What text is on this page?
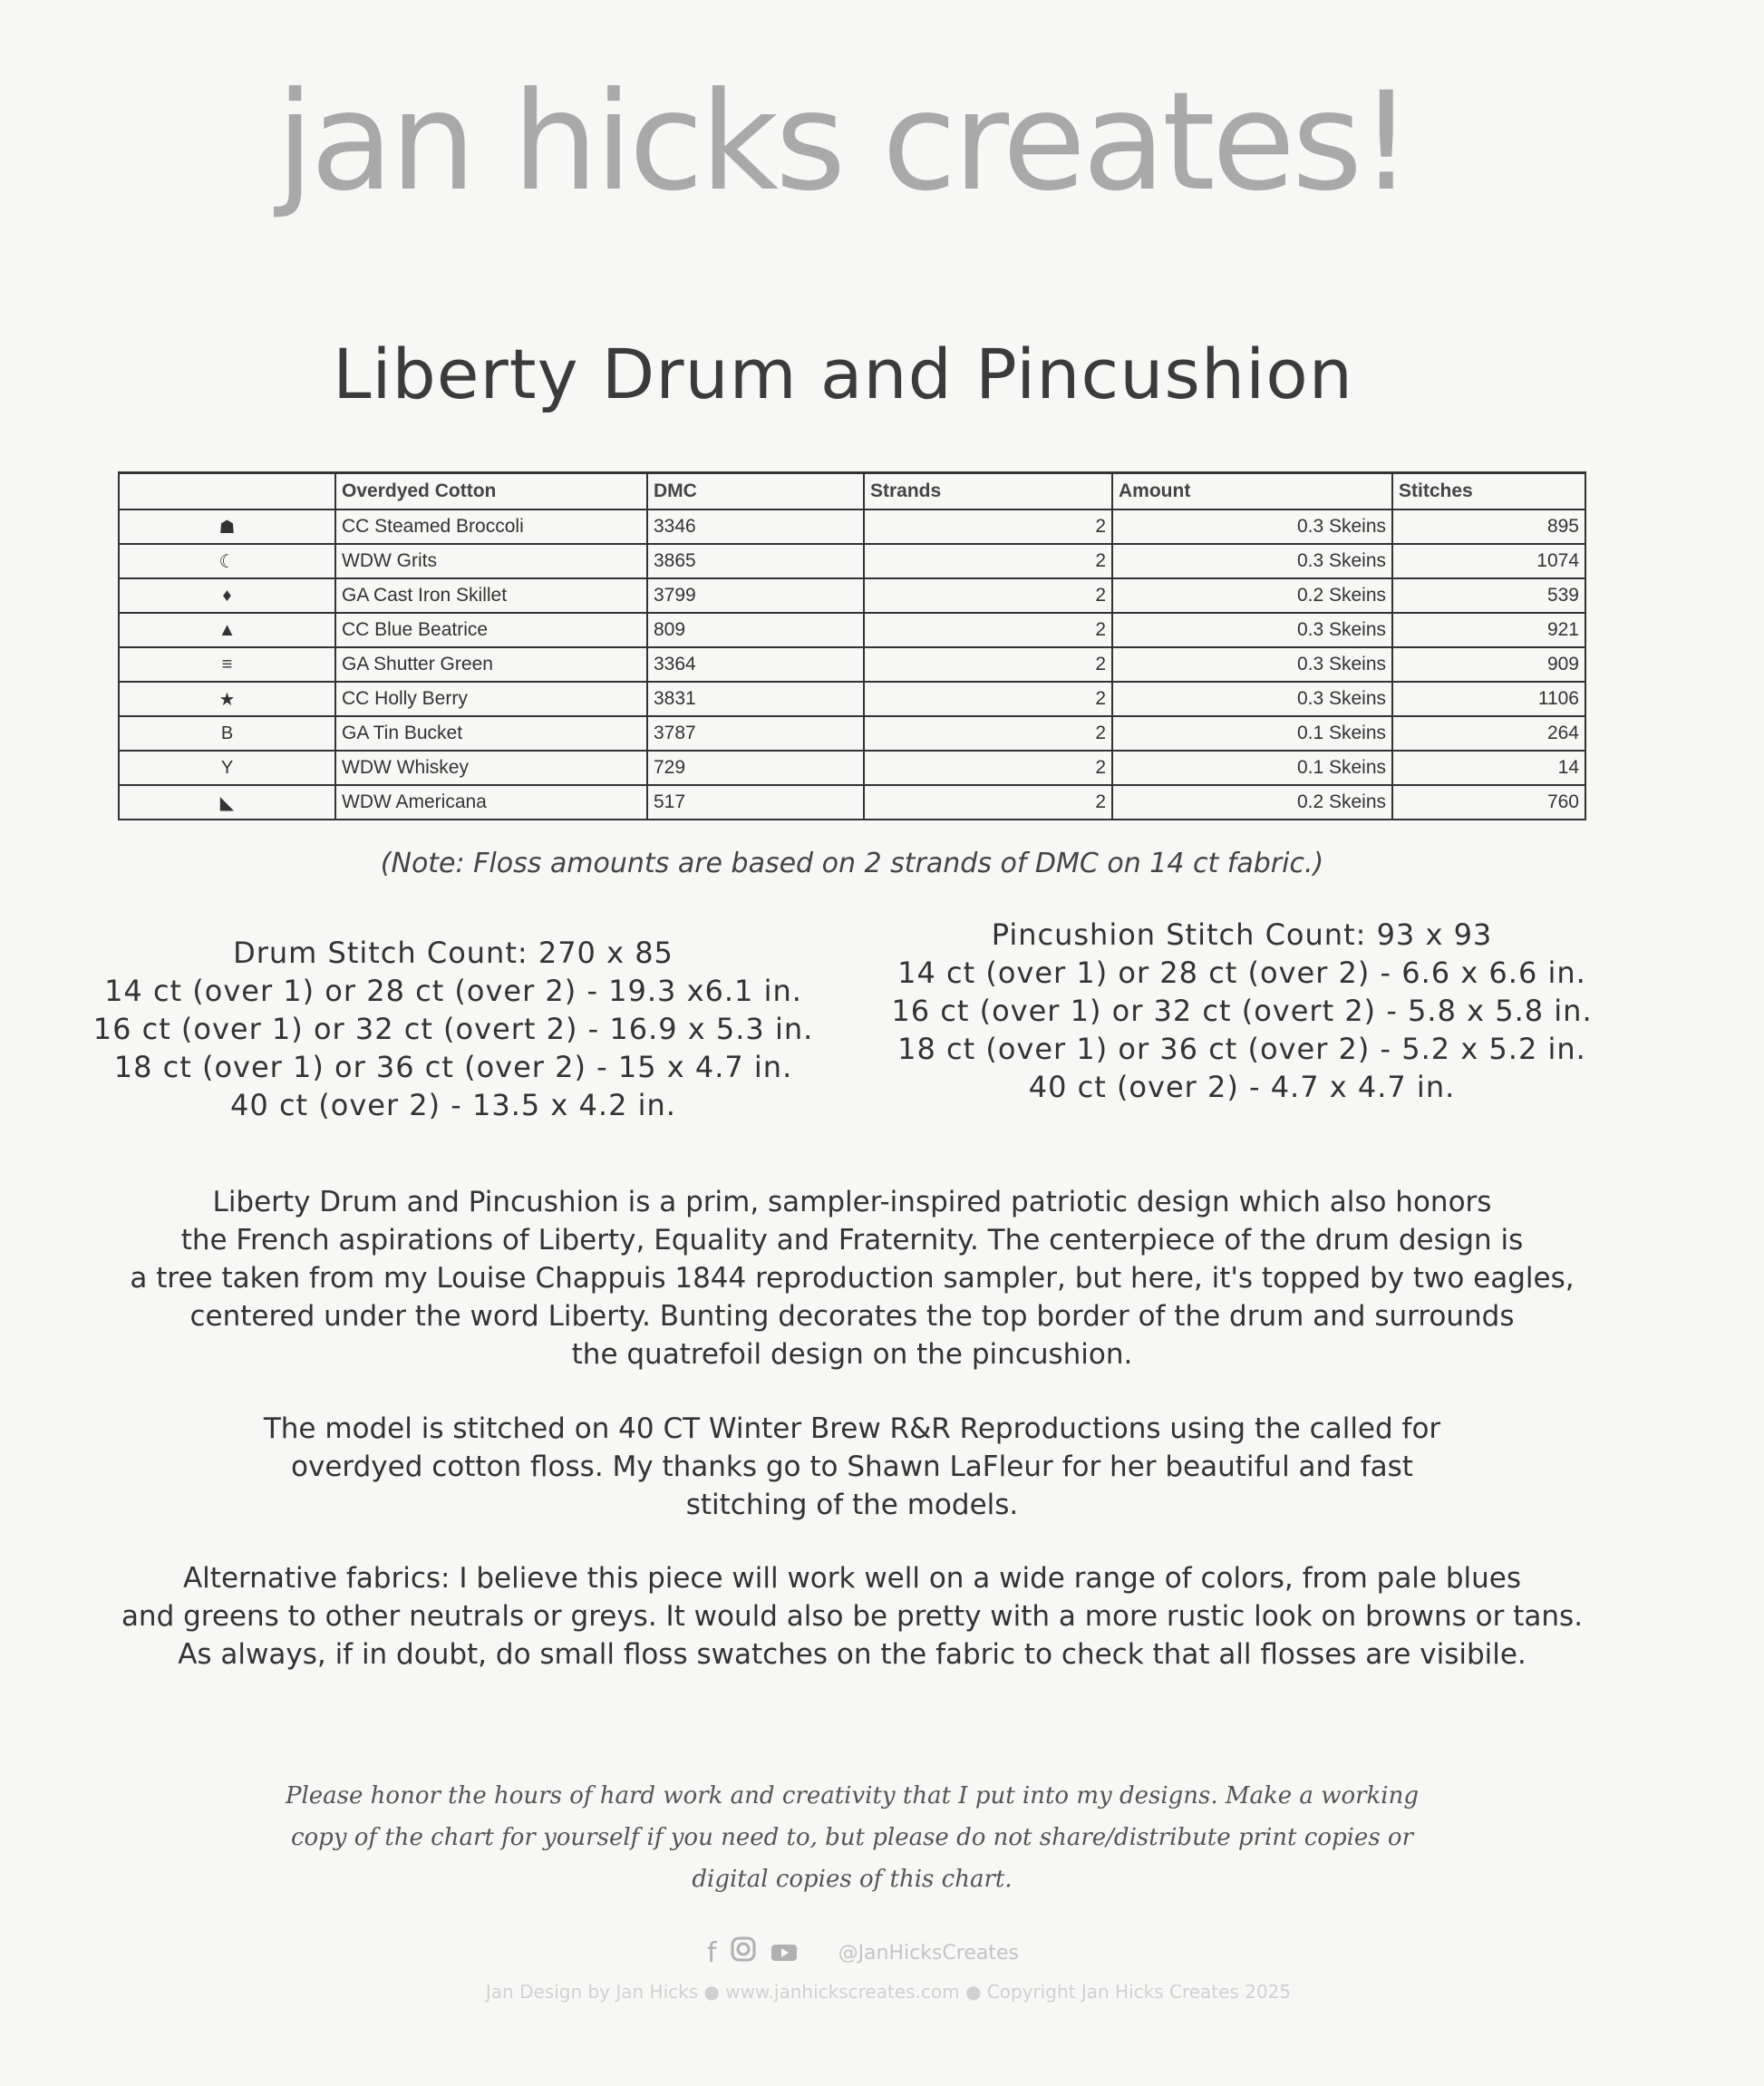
jan hicks creates!
Liberty Drum and Pincushion
	Overdyed Cotton	DMC	Strands	Amount	Stitches
☗	CC Steamed Broccoli	3346	2	0.3 Skeins	895
☾	WDW Grits	3865	2	0.3 Skeins	1074
♦	GA Cast Iron Skillet	3799	2	0.2 Skeins	539
▲	CC Blue Beatrice	809	2	0.3 Skeins	921
≡	GA Shutter Green	3364	2	0.3 Skeins	909
★	CC Holly Berry	3831	2	0.3 Skeins	1106
B	GA Tin Bucket	3787	2	0.1 Skeins	264
Y	WDW Whiskey	729	2	0.1 Skeins	14
◣	WDW Americana	517	2	0.2 Skeins	760
(Note: Floss amounts are based on 2 strands of DMC on 14 ct fabric.)

Drum Stitch Count: 270 x 85

14 ct (over 1) or 28 ct (over 2) - 19.3 x6.1 in.

16 ct (over 1) or 32 ct (overt 2) - 16.9 x 5.3 in.

18 ct (over 1) or 36 ct (over 2) - 15 x 4.7 in.

40 ct (over 2) - 13.5 x 4.2 in.

Pincushion Stitch Count: 93 x 93

14 ct (over 1) or 28 ct (over 2) - 6.6 x 6.6 in.

16 ct (over 1) or 32 ct (overt 2) - 5.8 x 5.8 in.

18 ct (over 1) or 36 ct (over 2) - 5.2 x 5.2 in.

40 ct (over 2) - 4.7 x 4.7 in.

Liberty Drum and Pincushion is a prim, sampler-inspired patriotic design which also honors

the French aspirations of Liberty, Equality and Fraternity. The centerpiece of the drum design is

a tree taken from my Louise Chappuis 1844 reproduction sampler, but here, it's topped by two eagles,

centered under the word Liberty. Bunting decorates the top border of the drum and surrounds

the quatrefoil design on the pincushion.

The model is stitched on 40 CT Winter Brew R&R Reproductions using the called for

overdyed cotton floss. My thanks go to Shawn LaFleur for her beautiful and fast

stitching of the models.

Alternative fabrics: I believe this piece will work well on a wide range of colors, from pale blues

and greens to other neutrals or greys. It would also be pretty with a more rustic look on browns or tans.

As always, if in doubt, do small floss swatches on the fabric to check that all flosses are visibile.

Please honor the hours of hard work and creativity that I put into my designs. Make a working

copy of the chart for yourself if you need to, but please do not share/distribute print copies or

digital copies of this chart.

f	@JanHicksCreates
Jan Design by Jan Hicks ● www.janhickscreates.com ● Copyright Jan Hicks Creates 2025
